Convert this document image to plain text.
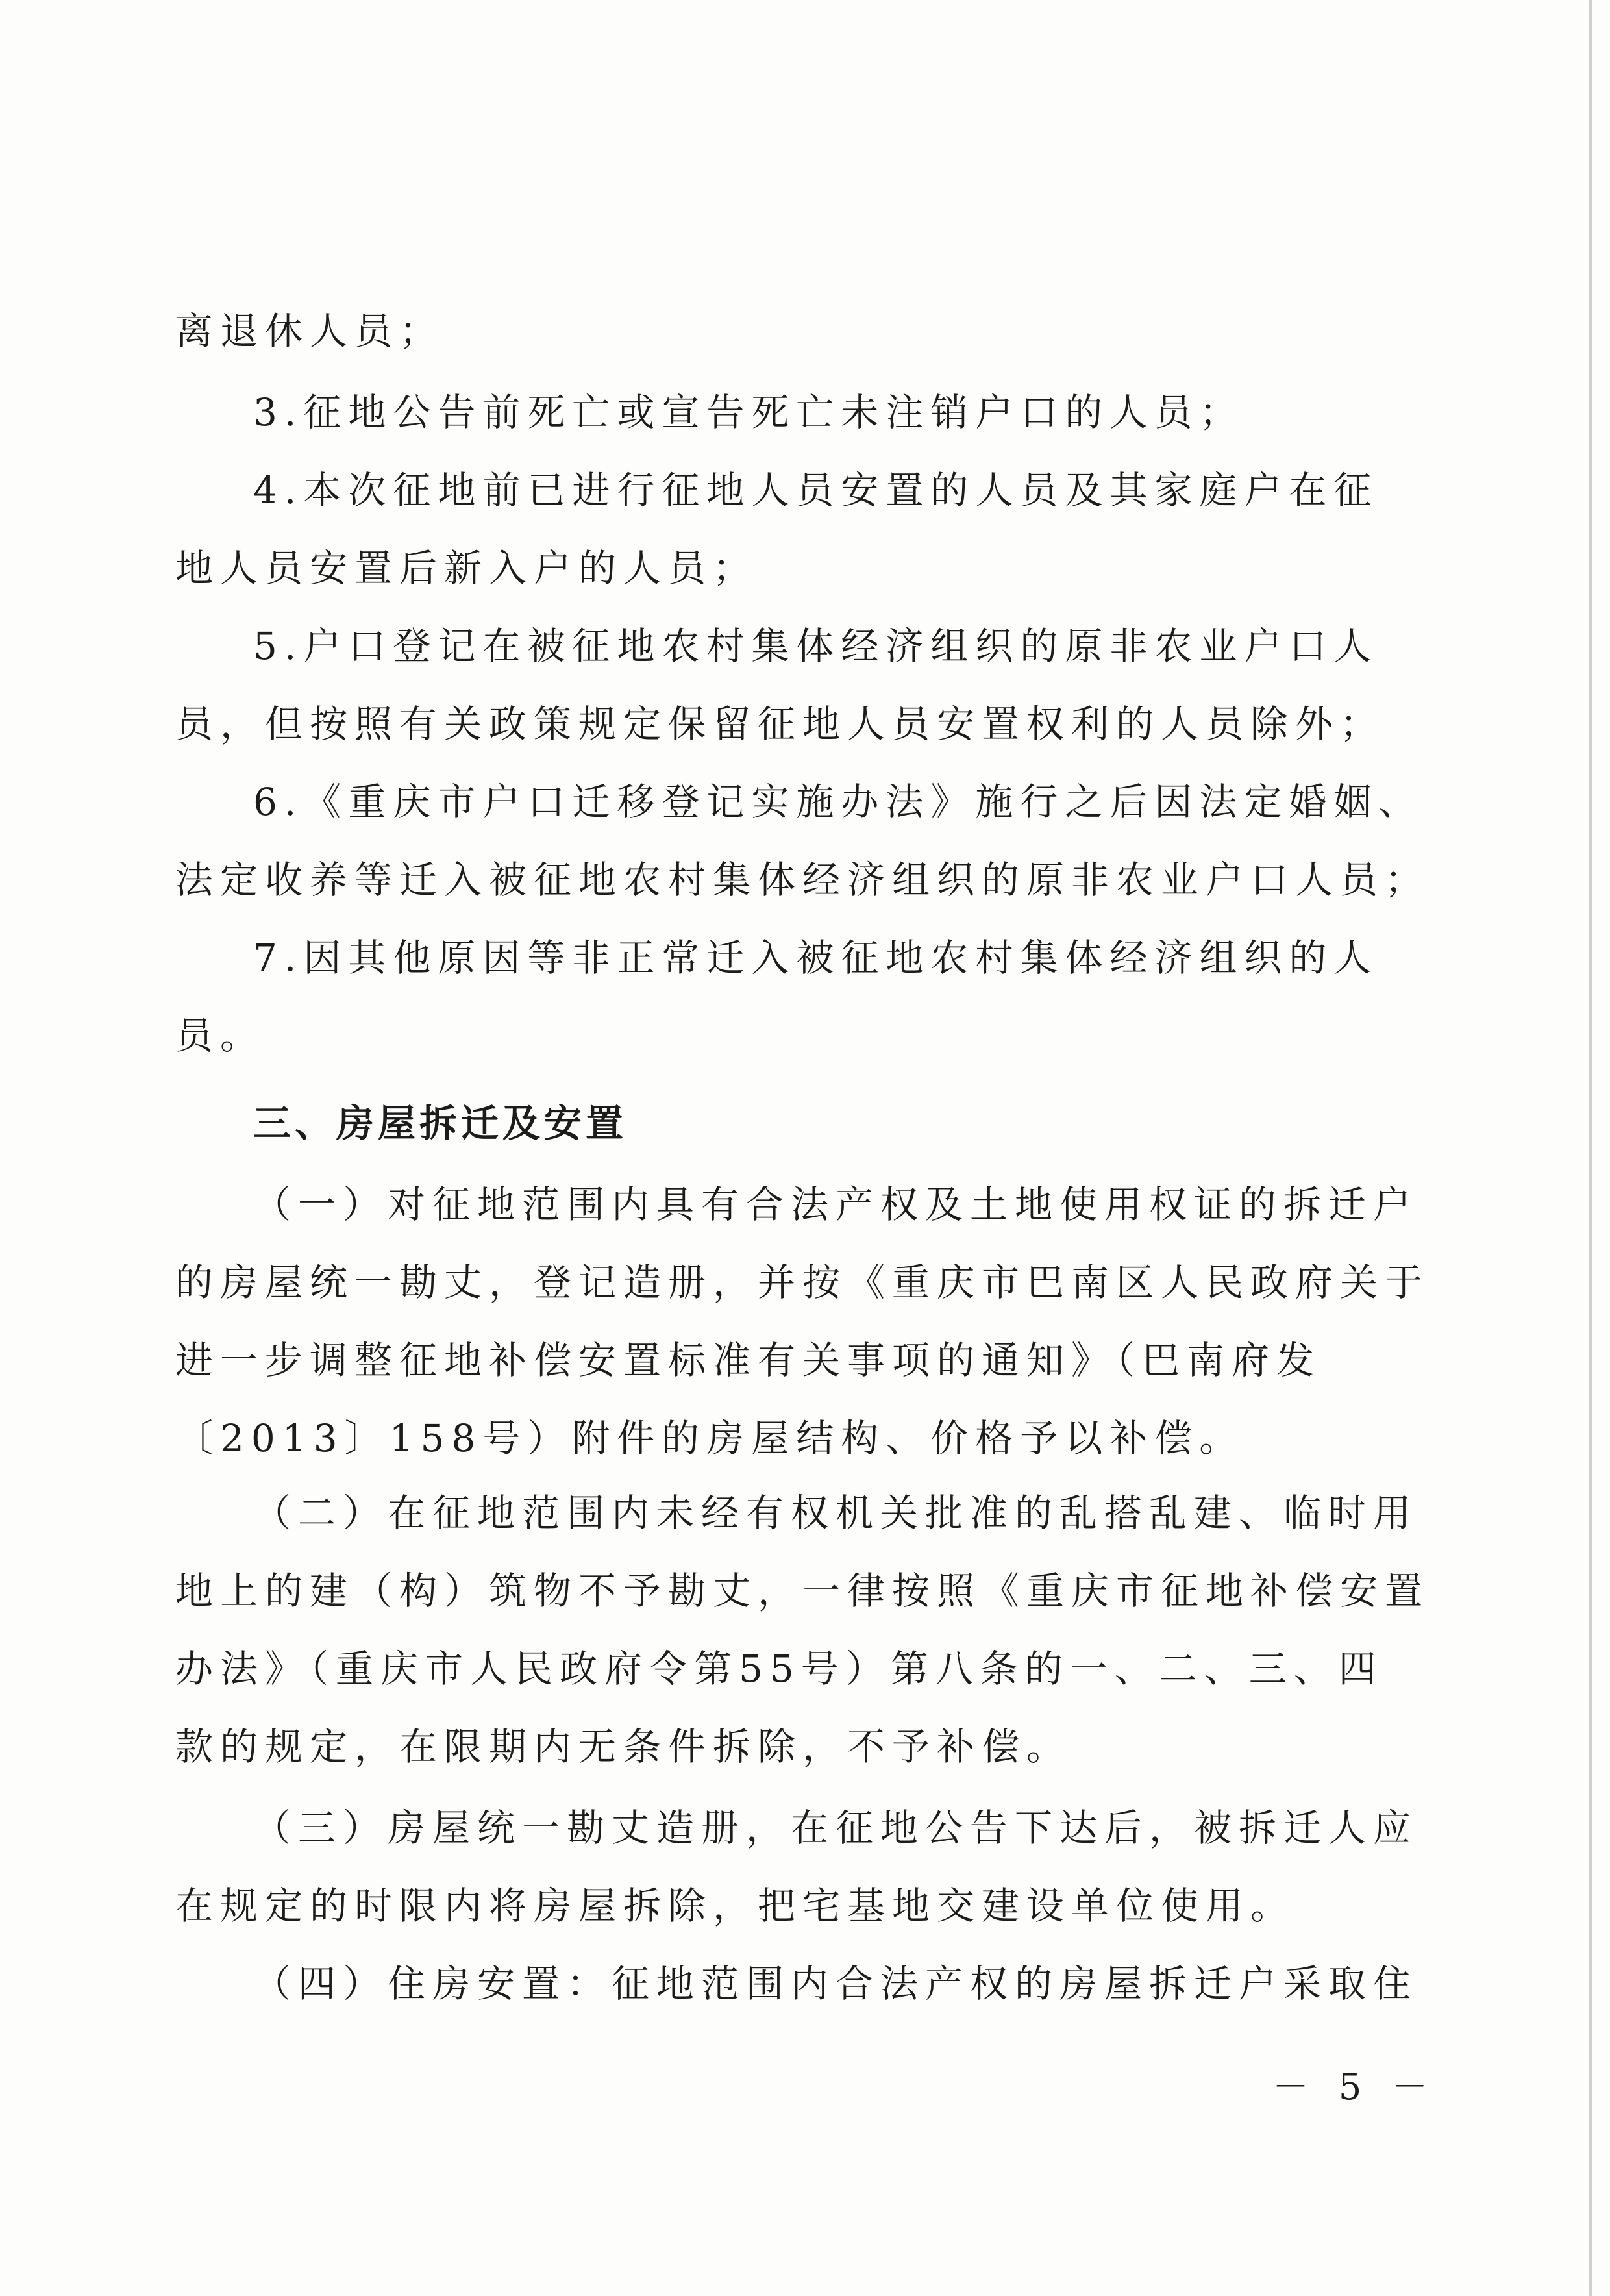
离退休人员；
3.征地公告前死亡或宣告死亡未注销户口的人员；
4.本次征地前已进行征地人员安置的人员及其家庭户在征
地人员安置后新入户的人员；
5.户口登记在被征地农村集体经济组织的原非农业户口人
员，但按照有关政策规定保留征地人员安置权利的人员除外；
6.《重庆市户口迁移登记实施办法》施行之后因法定婚姻、
法定收养等迁入被征地农村集体经济组织的原非农业户口人员；
7.因其他原因等非正常迁入被征地农村集体经济组织的人
员。
三、房屋拆迁及安置
（一）对征地范围内具有合法产权及土地使用权证的拆迁户
的房屋统一勘丈，登记造册，并按《重庆市巴南区人民政府关于
进一步调整征地补偿安置标准有关事项的通知》（巴南府发
〔2013〕158号）附件的房屋结构、价格予以补偿。
（二）在征地范围内未经有权机关批准的乱搭乱建、临时用
地上的建（构）筑物不予勘丈，一律按照《重庆市征地补偿安置
办法》（重庆市人民政府令第55号）第八条的一、二、三、四
款的规定，在限期内无条件拆除，不予补偿。
（三）房屋统一勘丈造册，在征地公告下达后，被拆迁人应
在规定的时限内将房屋拆除，把宅基地交建设单位使用。
（四）住房安置：征地范围内合法产权的房屋拆迁户采取住
－ 5 －
